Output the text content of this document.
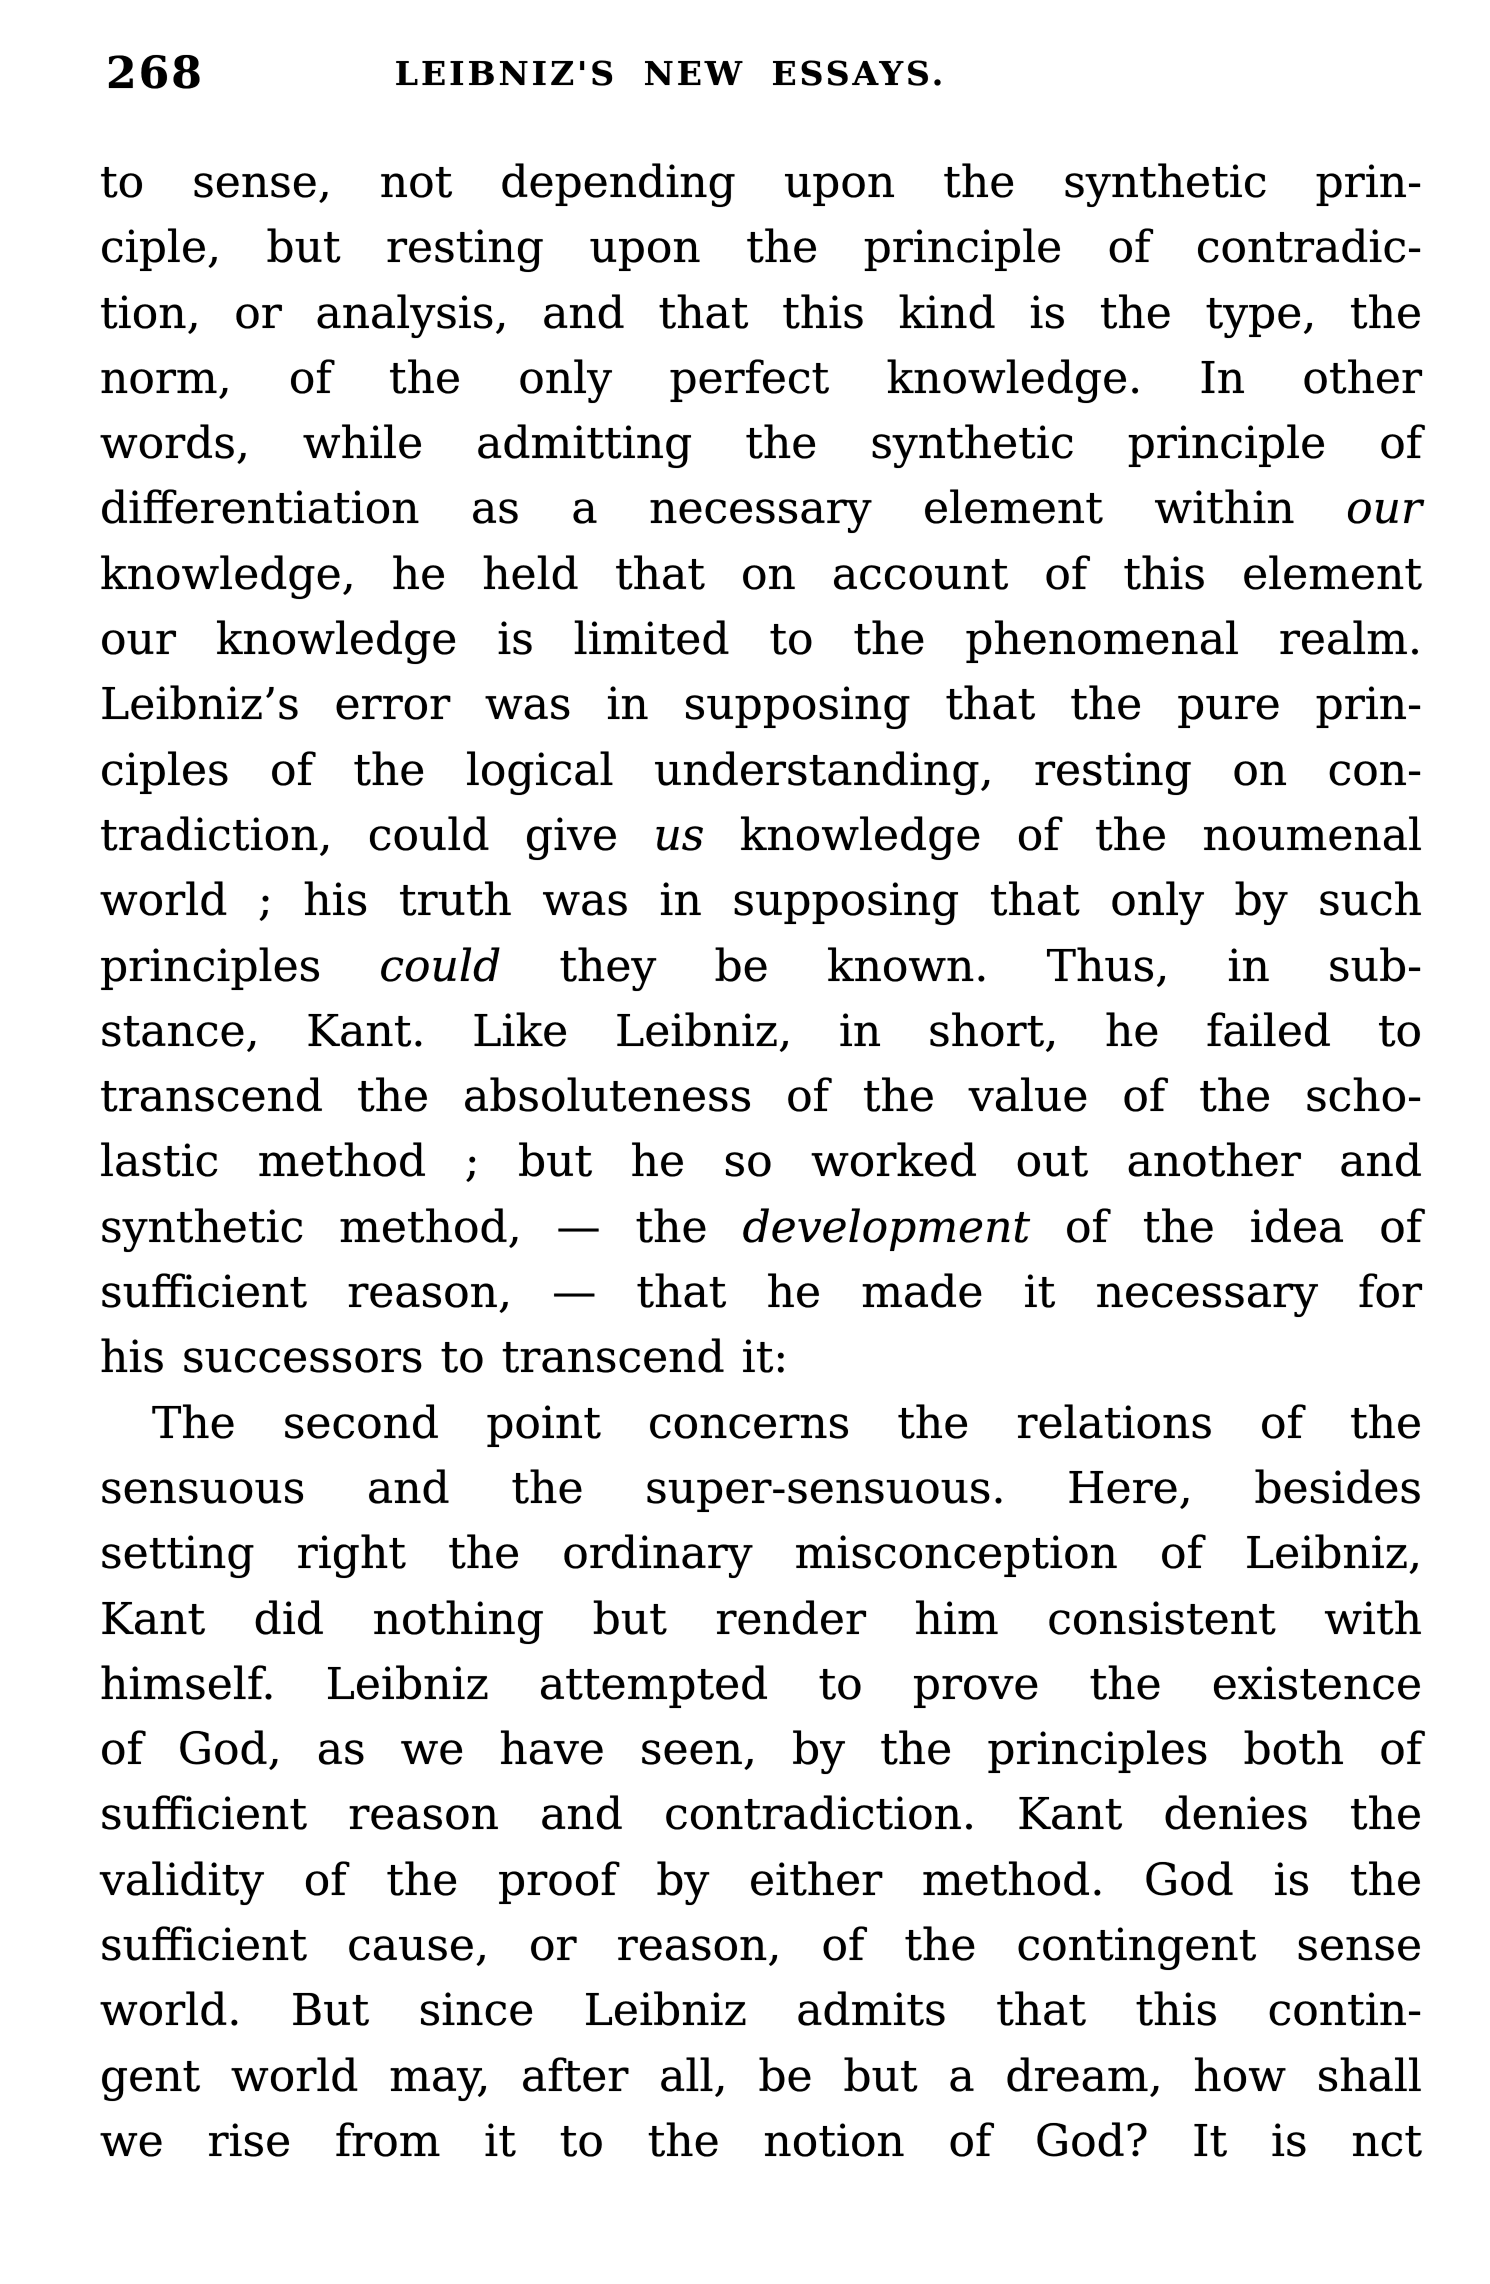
268	LEIBNIZ'S NEW ESSAYS.
to sense, not depending upon the synthetic prin-
ciple, but resting upon the principle of contradic-
tion, or analysis, and that this kind is the type, the
norm, of the only perfect knowledge. In other
words, while admitting the synthetic principle of
differentiation as a necessary element within our
knowledge, he held that on account of this element
our knowledge is limited to the phenomenal realm.
Leibniz’s error was in supposing that the pure prin-
ciples of the logical understanding, resting on con-
tradiction, could give us knowledge of the noumenal
world ; his truth was in supposing that only by such
principles could they be known. Thus, in sub-
stance, Kant. Like Leibniz, in short, he failed to
transcend the absoluteness of the value of the scho-
lastic method ; but he so worked out another and
synthetic method, — the development of the idea of
sufficient reason, — that he made it necessary for
his successors to transcend it:
The second point concerns the relations of the
sensuous and the super-sensuous. Here, besides
setting right the ordinary misconception of Leibniz,
Kant did nothing but render him consistent with
himself. Leibniz attempted to prove the existence
of God, as we have seen, by the principles both of
sufficient reason and contradiction. Kant denies the
validity of the proof by either method. God is the
sufficient cause, or reason, of the contingent sense
world. But since Leibniz admits that this contin-
gent world may, after all, be but a dream, how shall
we rise from it to the notion of God? It is nct
